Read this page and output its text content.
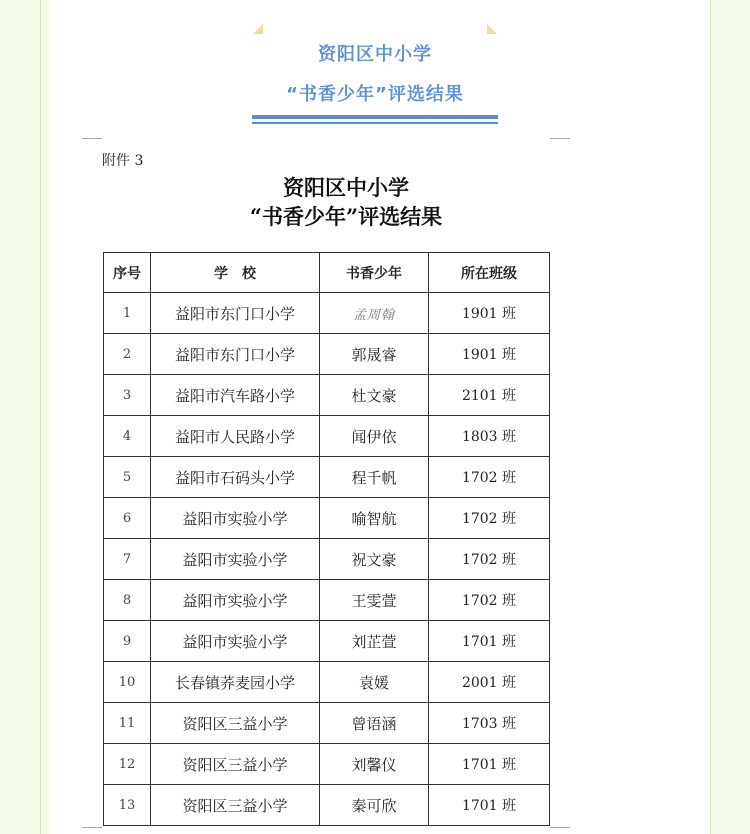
资阳区中小学
“书香少年”评选结果
附件 3
资阳区中小学
“书香少年”评选结果
序号	学　校	书香少年	所在班级
1	益阳市东门口小学	孟周翰	1901 班
2	益阳市东门口小学	郭晟睿	1901 班
3	益阳市汽车路小学	杜文豪	2101 班
4	益阳市人民路小学	闻伊依	1803 班
5	益阳市石码头小学	程千帆	1702 班
6	益阳市实验小学	喻智航	1702 班
7	益阳市实验小学	祝文豪	1702 班
8	益阳市实验小学	王雯萱	1702 班
9	益阳市实验小学	刘芷萱	1701 班
10	长春镇荞麦园小学	袁媛	2001 班
11	资阳区三益小学	曾语涵	1703 班
12	资阳区三益小学	刘馨仪	1701 班
13	资阳区三益小学	秦可欣	1701 班
